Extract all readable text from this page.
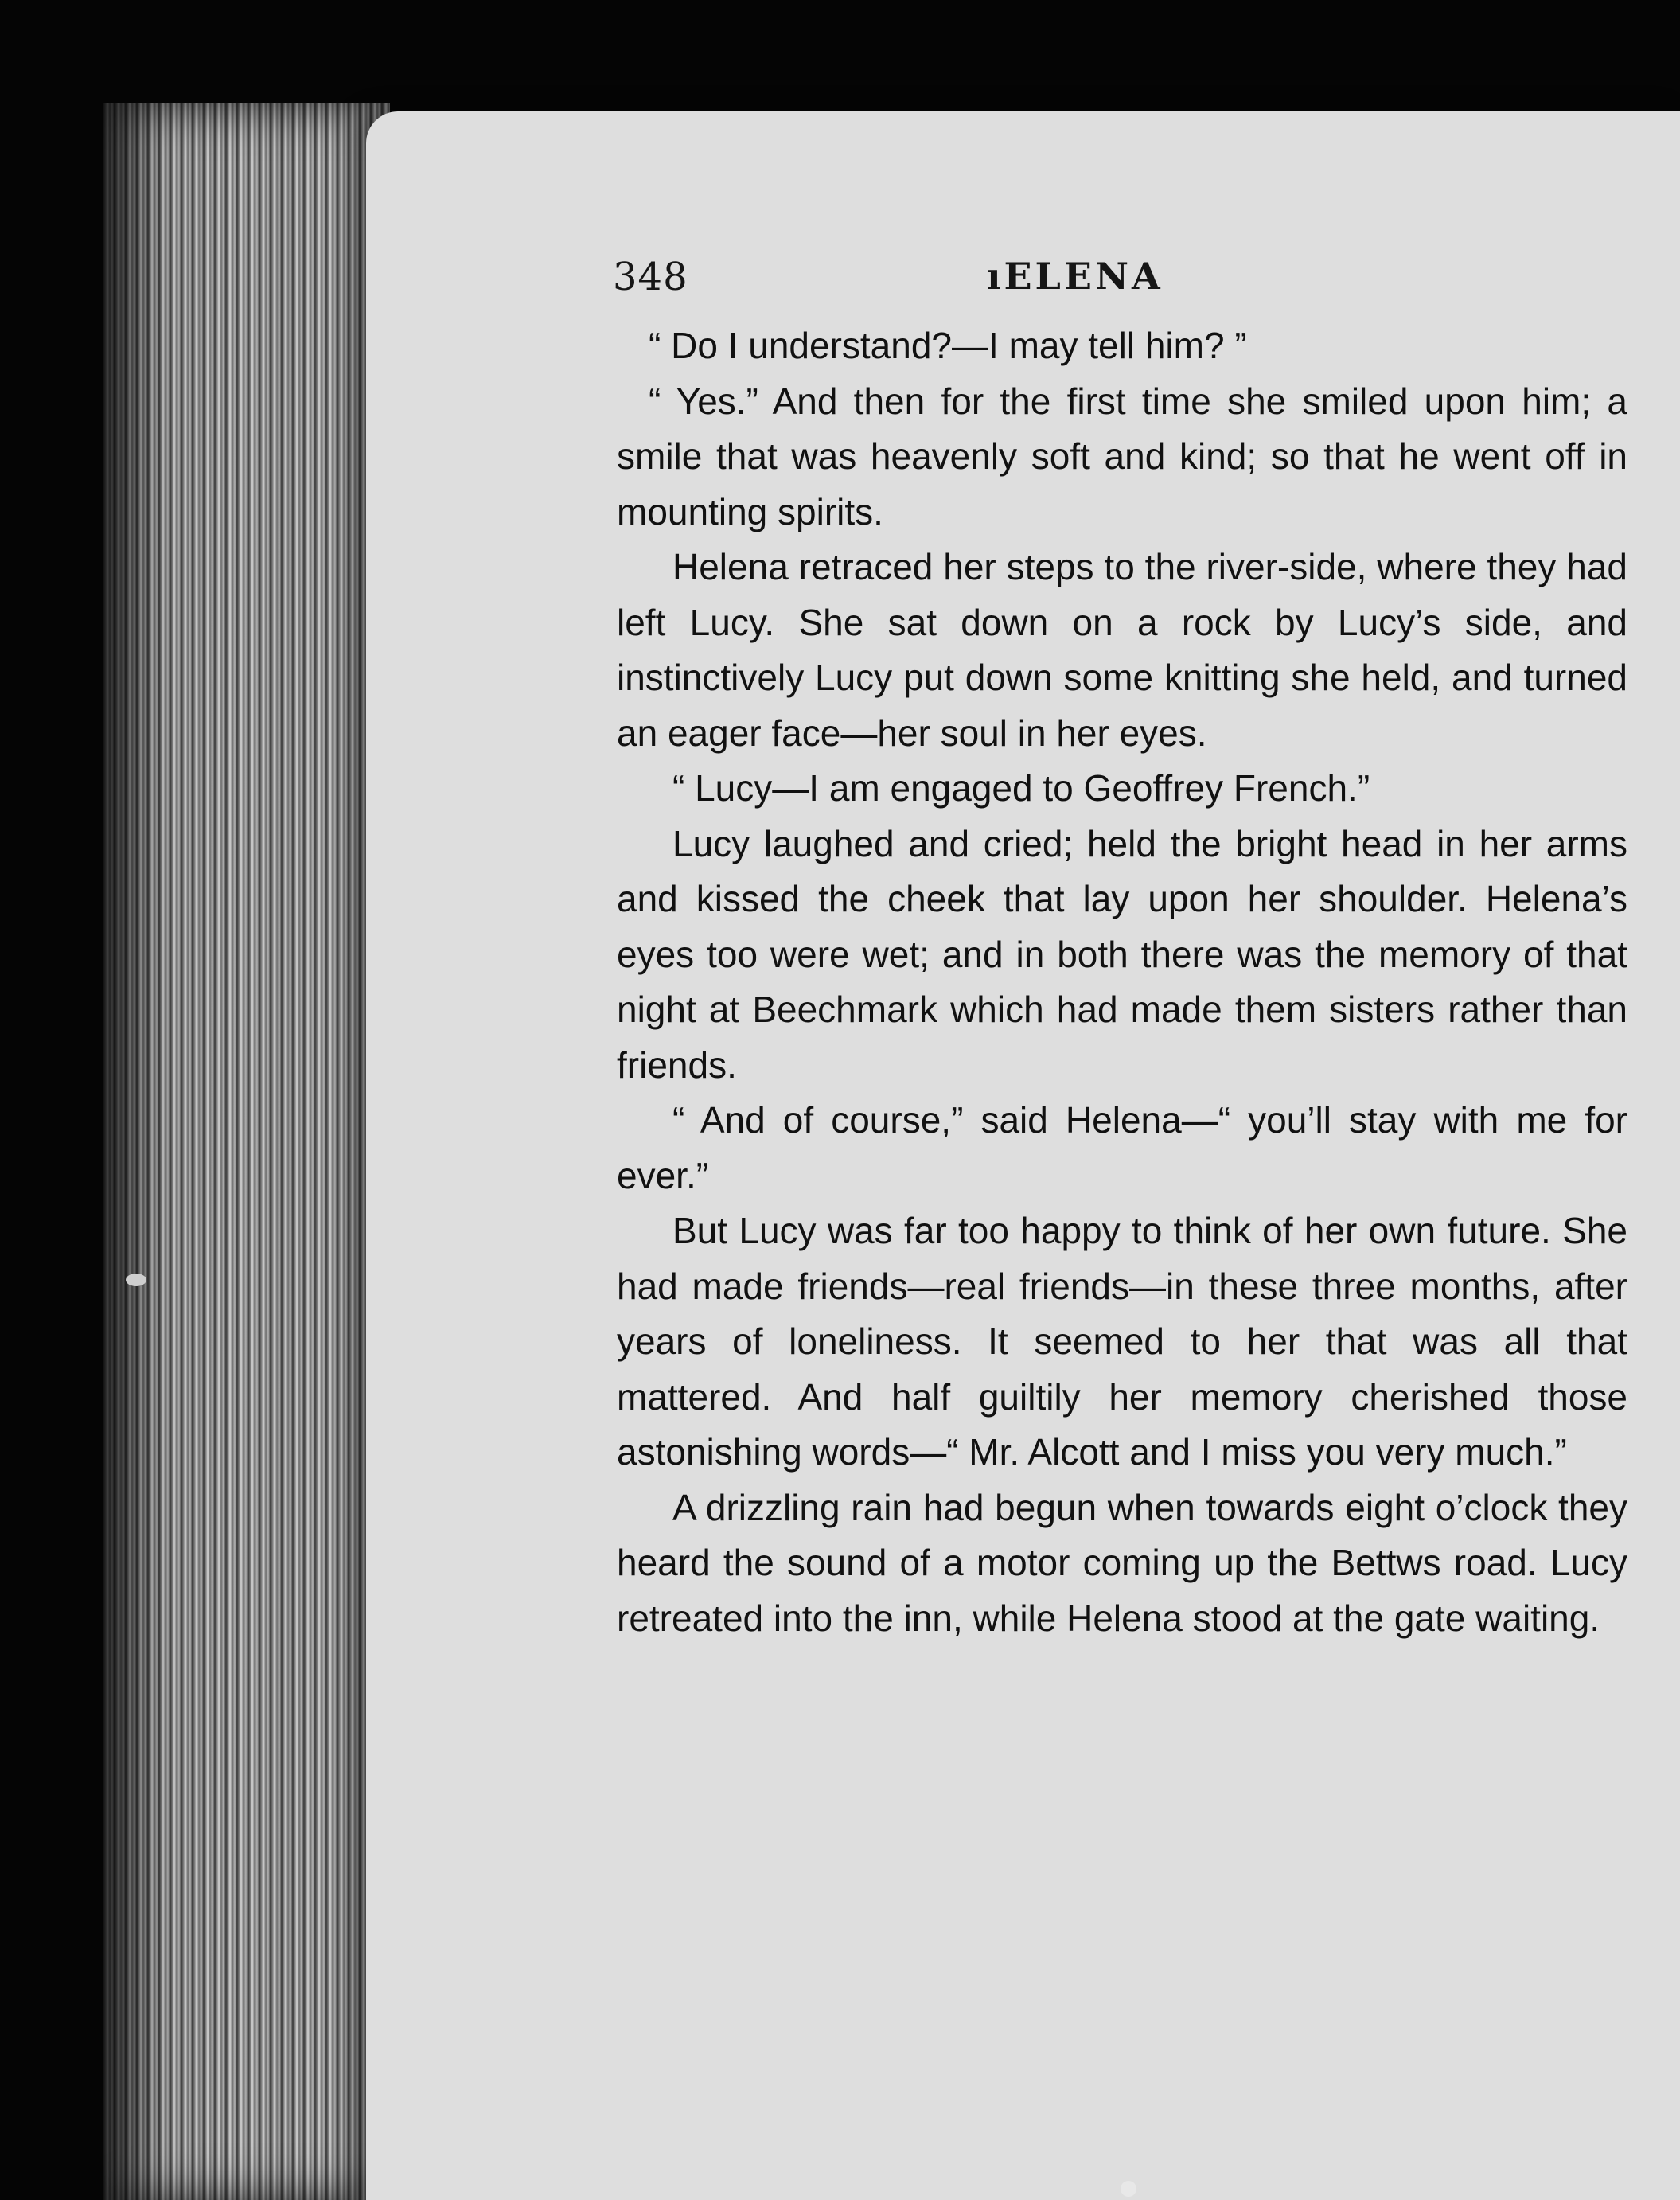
348	ıELENA

“ Do I understand?—I may tell him? ”

“ Yes.” And then for the first time she smiled upon him; a smile that was heavenly soft and kind; so that he went off in mounting spirits.

Helena retraced her steps to the river-side, where they had left Lucy. She sat down on a rock by Lucy’s side, and instinctively Lucy put down some knitting she held, and turned an eager face—her soul in her eyes.

“ Lucy—I am engaged to Geoffrey French.”

Lucy laughed and cried; held the bright head in her arms and kissed the cheek that lay upon her shoulder. Helena’s eyes too were wet; and in both there was the memory of that night at Beechmark which had made them sisters rather than friends.

“ And of course,” said Helena—“ you’ll stay with me for ever.”

But Lucy was far too happy to think of her own future. She had made friends—real friends—in these three months, after years of loneliness. It seemed to her that was all that mattered. And half guiltily her memory cherished those astonishing words—“ Mr. Alcott and I miss you very much.”

A drizzling rain had begun when towards eight o’clock they heard the sound of a motor coming up the Bettws road. Lucy retreated into the inn, while Helena stood at the gate waiting.
